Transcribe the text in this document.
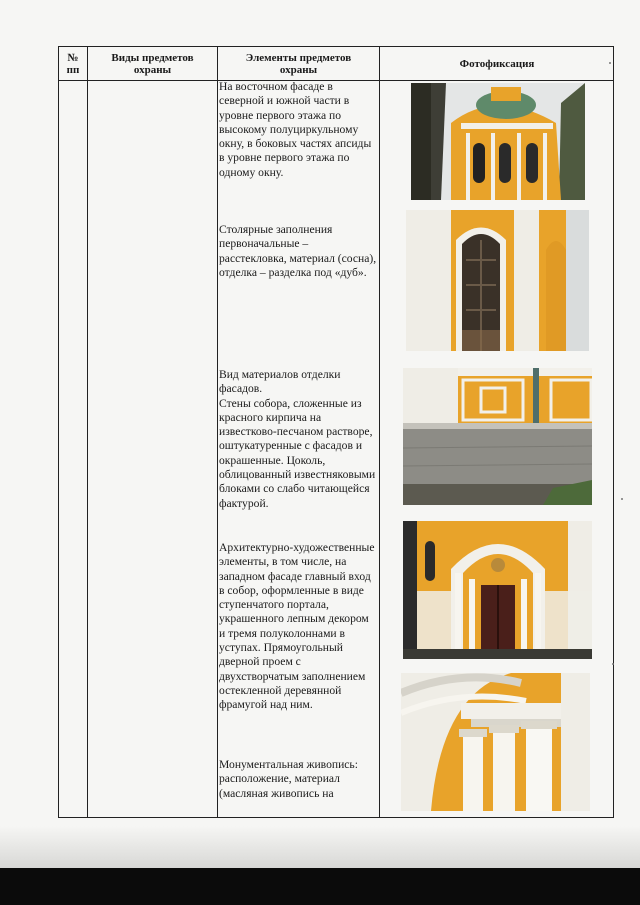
№
пп
Виды предметов охраны
Элементы предметов охраны	Фотофиксация
На восточном фасаде в северной и южной части в уровне первого этажа по высокому полуциркульному окну, в боковых частях апсиды в уровне первого этажа по одному окну.
Столярные заполнения первоначальные – расстекловка, материал (сосна), отделка – разделка под «дуб».
Вид материалов отделки фасадов.
Стены собора, сложенные из красного кирпича на известково-песчаном растворе, оштукатуренные с фасадов и окрашенные. Цоколь, облицованный известняковыми блоками со слабо читающейся фактурой.
Архитектурно-художественные элементы, в том числе, на западном фасаде главный вход в собор, оформленные в виде ступенчатого портала, украшенного лепным декором и тремя полуколоннами в уступах. Прямоугольный дверной проем с двухстворчатым заполнением остекленной деревянной фрамугой над ним.
Монументальная живопись:
расположение, материал (масляная живопись на
